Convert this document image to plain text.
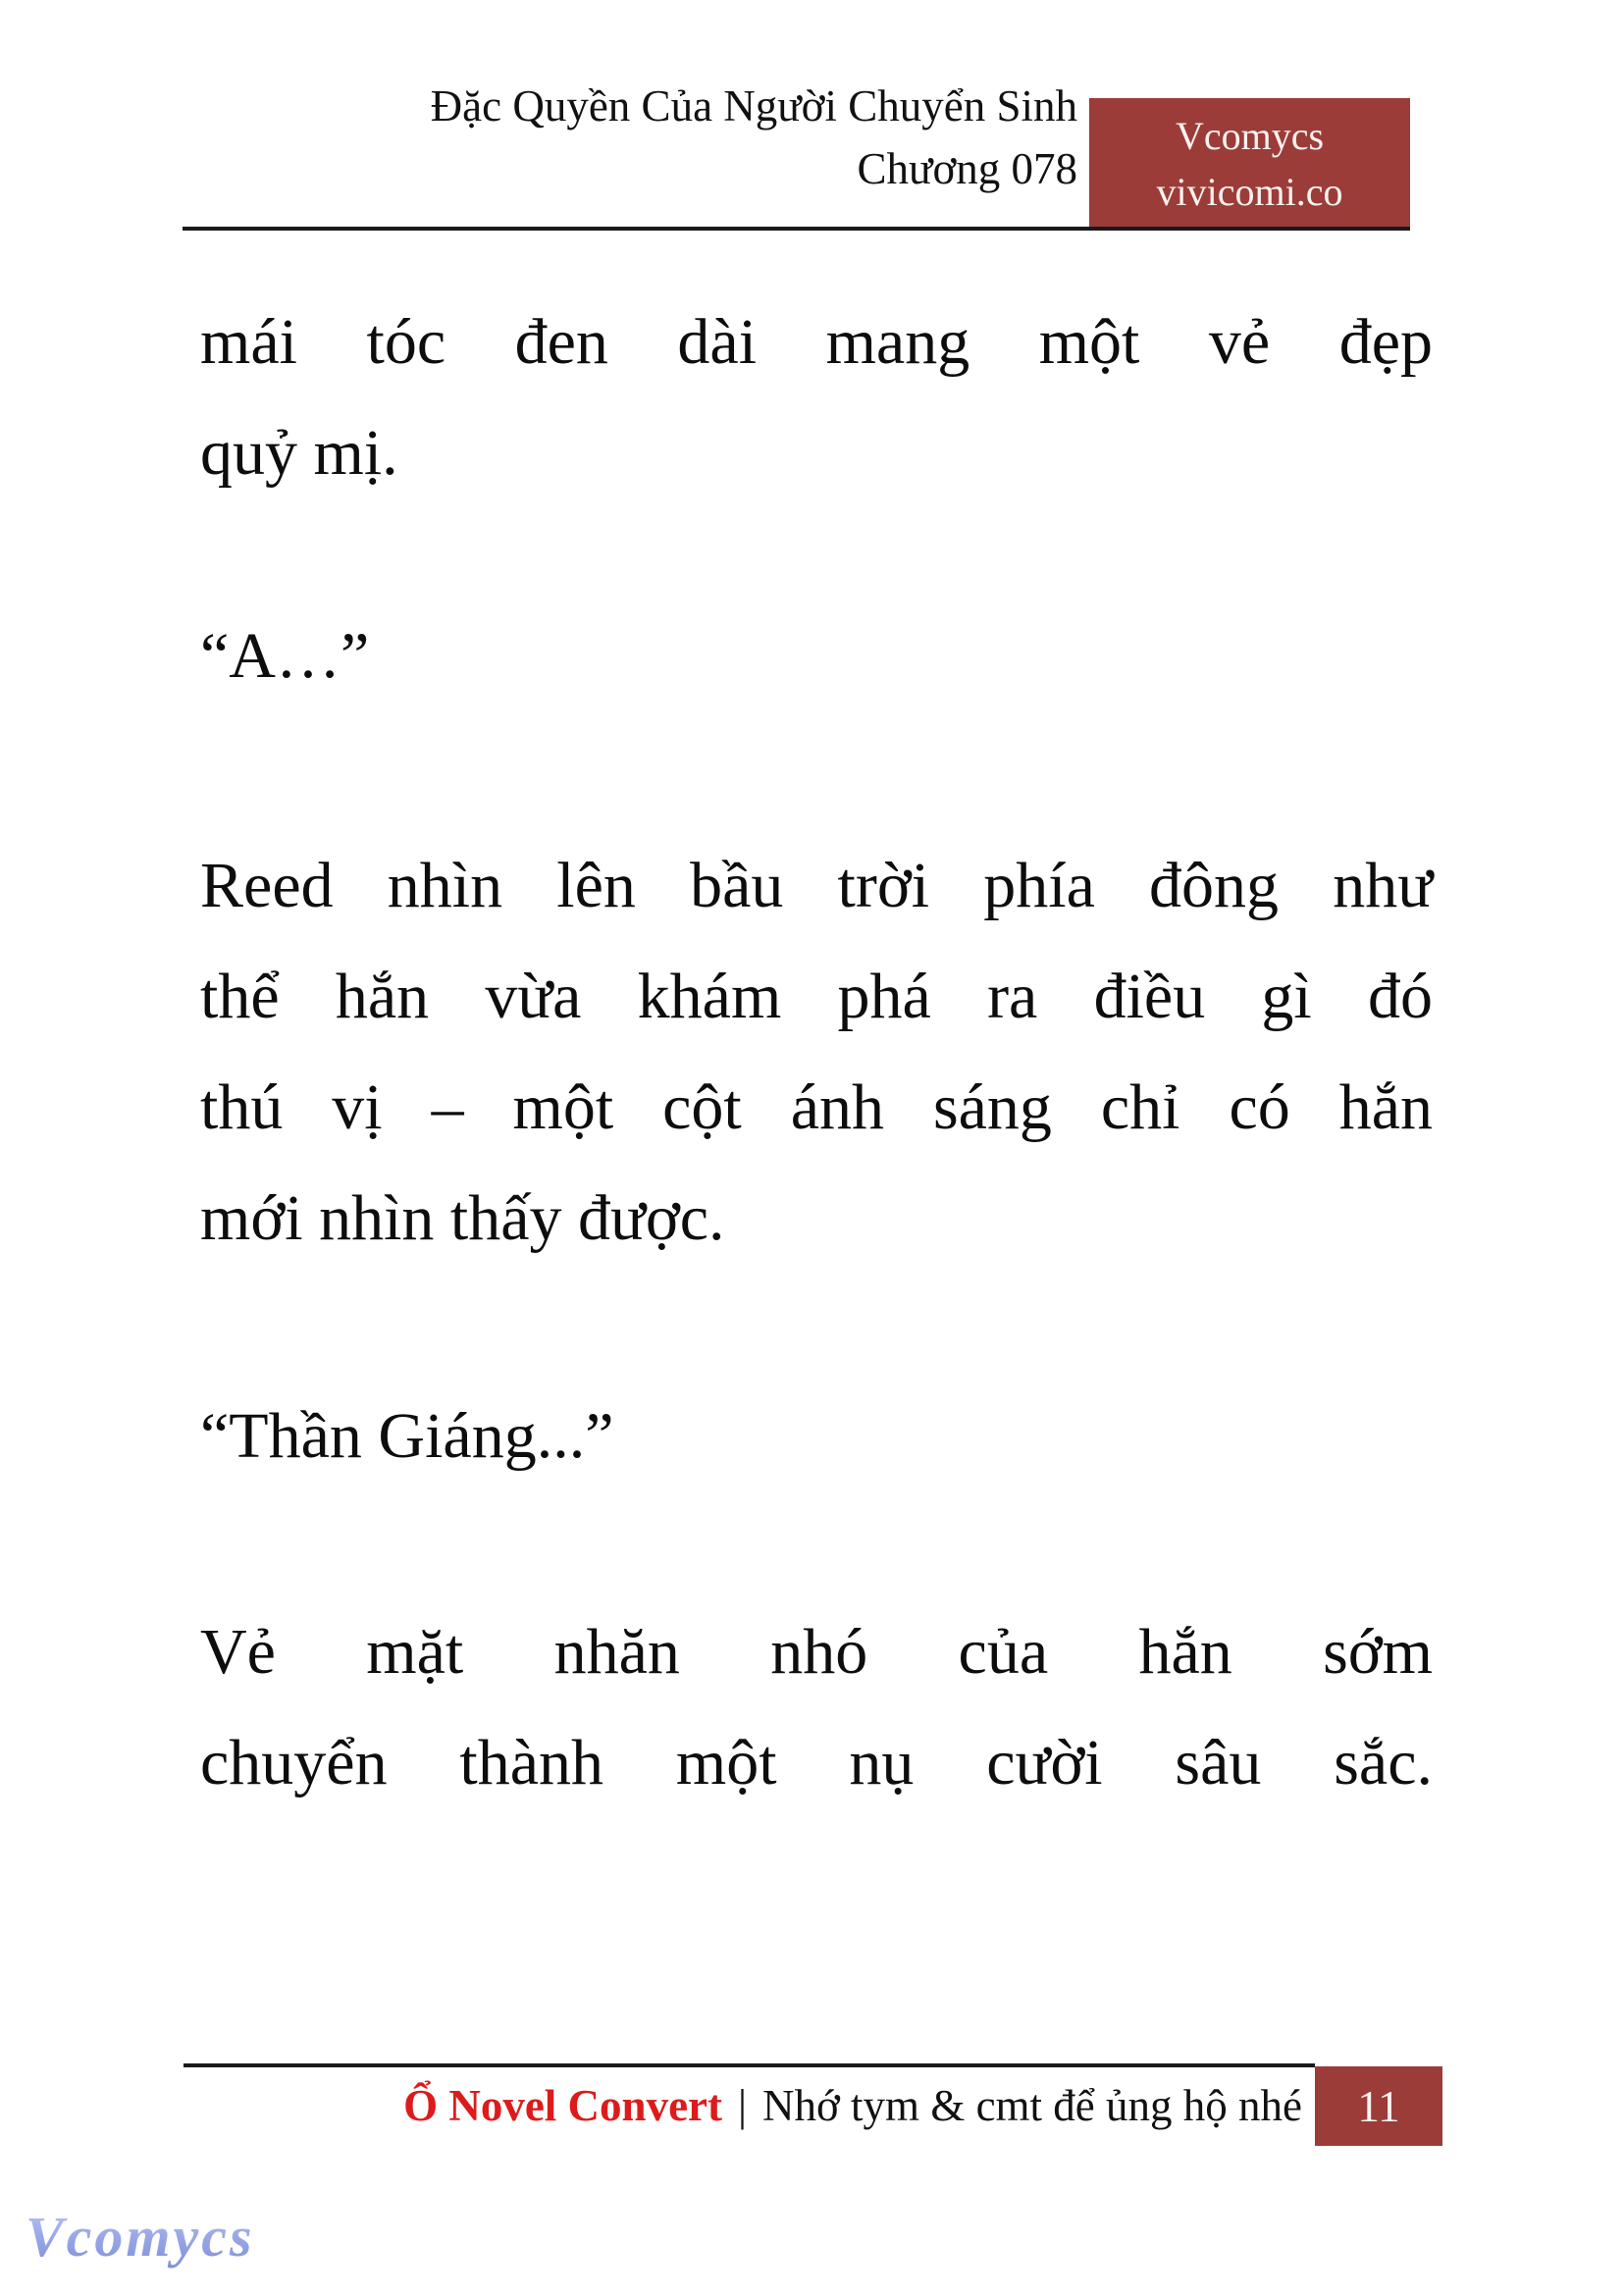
Đặc Quyền Của Người Chuyển Sinh
Chương 078
Vcomycs
vivicomi.co
mái tóc đen dài mang một vẻ đẹp
quỷ mị.
“A…”
Reed nhìn lên bầu trời phía đông như
thể hắn vừa khám phá ra điều gì đó
thú vị – một cột ánh sáng chỉ có hắn
mới nhìn thấy được.
“Thần Giáng...”
Vẻ mặt nhăn nhó của hắn sớm
chuyển thành một nụ cười sâu sắc.
Ổ Novel Convert | Nhớ tym & cmt để ủng hộ nhé 11
Vcomycs
